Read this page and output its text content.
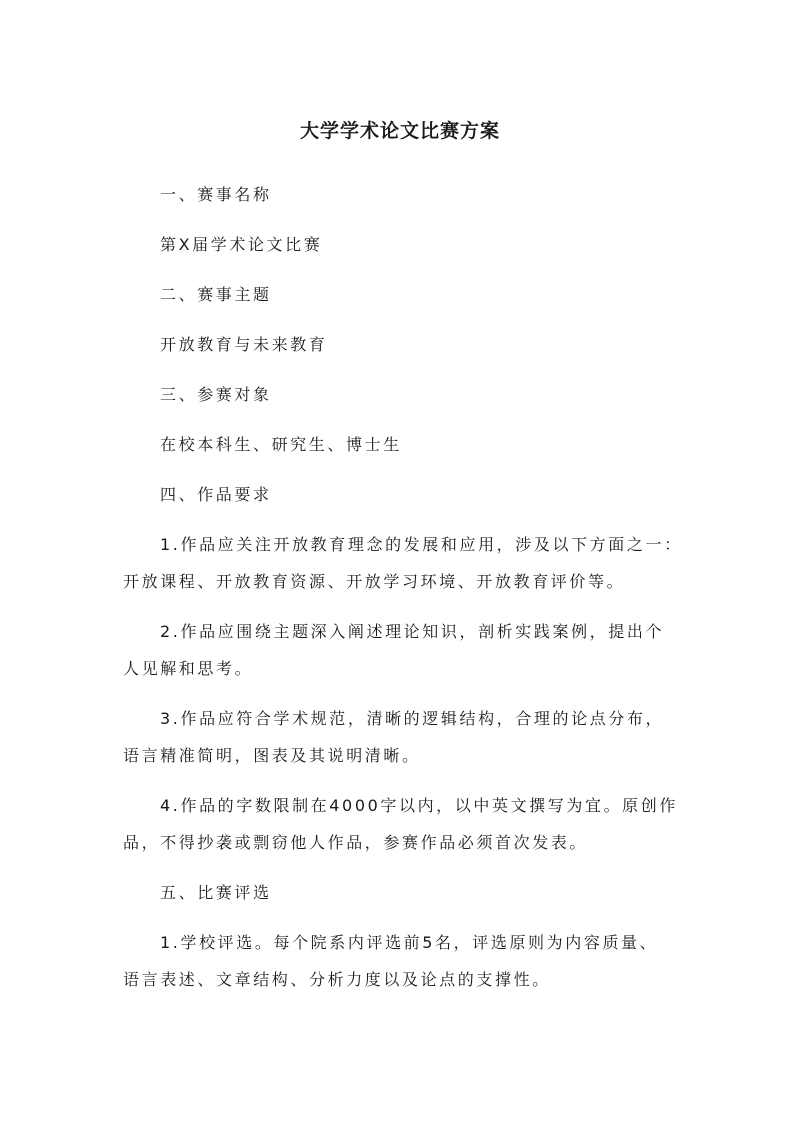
大学学术论文比赛方案
一、赛事名称
第X届学术论文比赛
二、赛事主题
开放教育与未来教育
三、参赛对象
在校本科生、研究生、博士生
四、作品要求
1.作品应关注开放教育理念的发展和应用，涉及以下方面之一：
开放课程、开放教育资源、开放学习环境、开放教育评价等。
2.作品应围绕主题深入阐述理论知识，剖析实践案例，提出个
人见解和思考。
3.作品应符合学术规范，清晰的逻辑结构，合理的论点分布，
语言精准简明，图表及其说明清晰。
4.作品的字数限制在4000字以内，以中英文撰写为宜。原创作
品，不得抄袭或剽窃他人作品，参赛作品必须首次发表。
五、比赛评选
1.学校评选。每个院系内评选前5名，评选原则为内容质量、
语言表述、文章结构、分析力度以及论点的支撑性。
